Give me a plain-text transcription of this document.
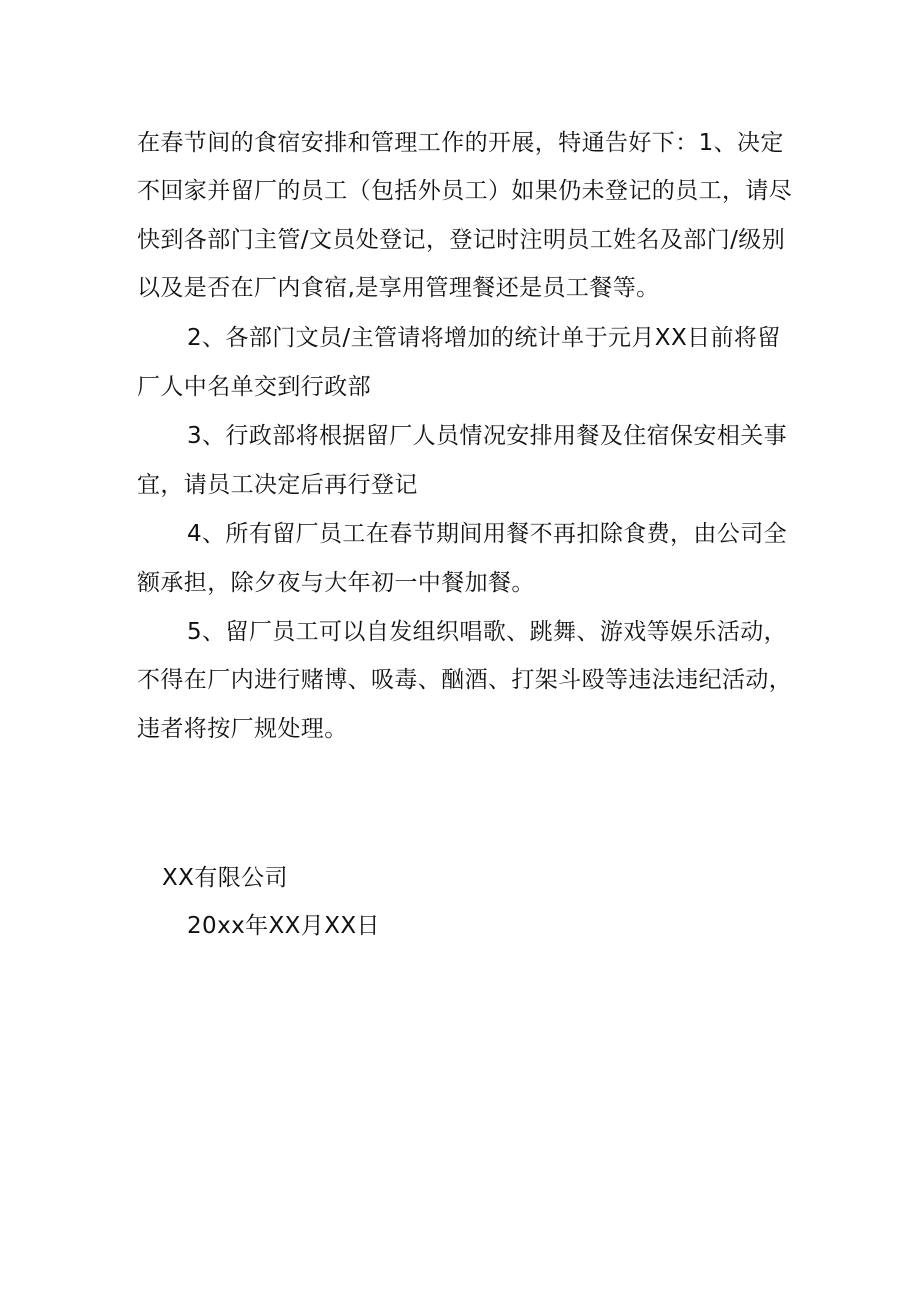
在春节间的食宿安排和管理工作的开展，特通告好下：1、决定
不回家并留厂的员工（包括外员工）如果仍未登记的员工，请尽
快到各部门主管/文员处登记，登记时注明员工姓名及部门/级别
以及是否在厂内食宿,是享用管理餐还是员工餐等。
2、各部门文员/主管请将增加的统计单于元月XX日前将留
厂人中名单交到行政部
3、行政部将根据留厂人员情况安排用餐及住宿保安相关事
宜，请员工决定后再行登记
4、所有留厂员工在春节期间用餐不再扣除食费，由公司全
额承担，除夕夜与大年初一中餐加餐。
5、留厂员工可以自发组织唱歌、跳舞、游戏等娱乐活动，
不得在厂内进行赌博、吸毒、酗酒、打架斗殴等违法违纪活动，
违者将按厂规处理。
XX有限公司
20xx年XX月XX日
